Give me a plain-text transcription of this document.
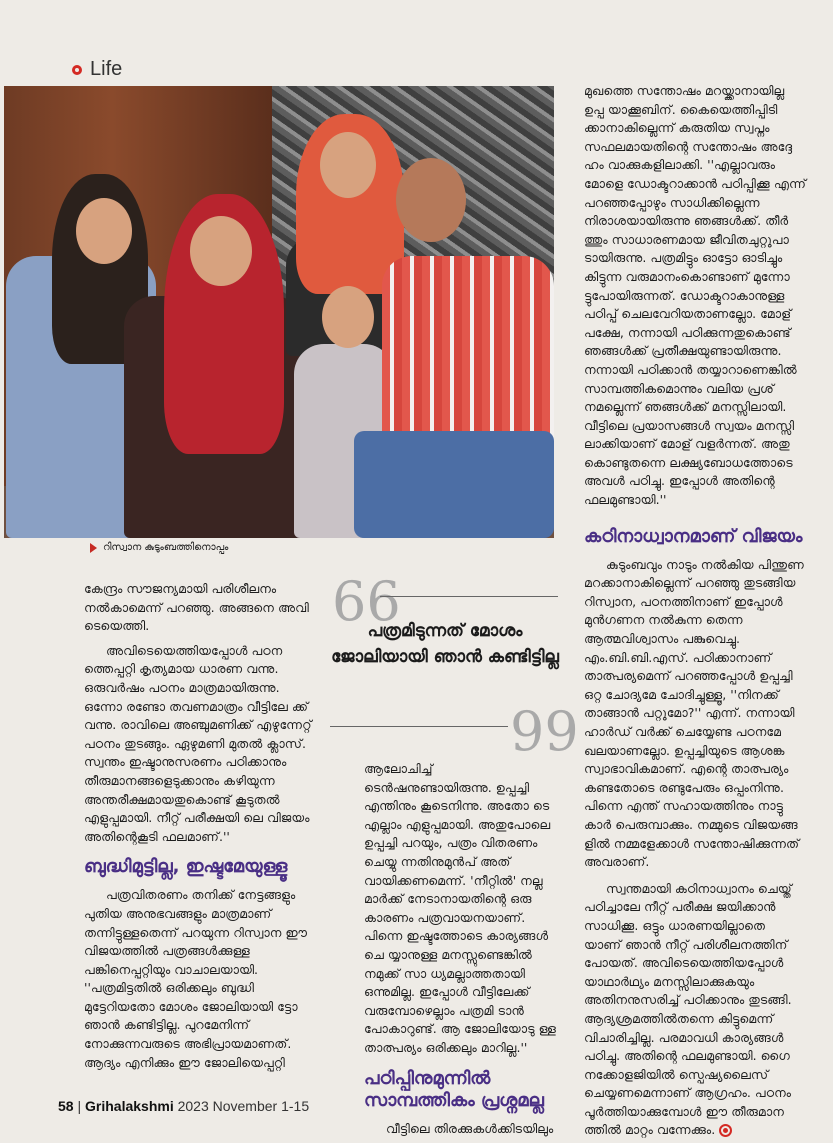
Life
റിസ്വാന കുടുംബത്തിനൊപ്പം

മുഖത്തെ സന്തോഷം മറയ്ക്കാനായില്ല ഉപ്പ യാക്കൂബിന്. കൈയെത്തിപ്പിടി ക്കാനാകില്ലെന്ന് കരുതിയ സ്വപ്നം സഫലമായതിന്റെ സന്തോഷം അദ്ദേ ഹം വാക്കുകളിലാക്കി. ''എല്ലാവരും മോളെ ഡോക്ടറാക്കാൻ പഠിപ്പിക്കൂ എന്ന് പറഞ്ഞപ്പോഴും സാധിക്കില്ലെന്ന നിരാശയായിരുന്നു ഞങ്ങൾക്ക്. തീർ ത്തും സാധാരണമായ ജീവിതചുറ്റുപാ ടായിരുന്നു. പത്രമിട്ടും ഓട്ടോ ഓടിച്ചും കിട്ടുന്ന വരുമാനംകൊണ്ടാണ് മുന്നോ ട്ടുപോയിരുന്നത്. ഡോക്ടറാകാനുള്ള പഠിപ്പ് ചെലവേറിയതാണല്ലോ. മോള് പക്ഷേ, നന്നായി പഠിക്കുന്നതുകൊണ്ട് ഞങ്ങൾക്ക് പ്രതീക്ഷയുണ്ടായിരുന്നു. നന്നായി പഠിക്കാൻ തയ്യാറാണെങ്കിൽ സാമ്പത്തികമൊന്നും വലിയ പ്രശ് നമല്ലെന്ന് ഞങ്ങൾക്ക് മനസ്സിലായി. വീട്ടിലെ പ്രയാസങ്ങൾ സ്വയം മനസ്സി ലാക്കിയാണ് മോള് വളർന്നത്. അതു കൊണ്ടുതന്നെ ലക്ഷ്യബോധത്തോടെ അവൾ പഠിച്ചു. ഇപ്പോൾ അതിന്റെ ഫലമുണ്ടായി.''

കഠിനാധ്വാനമാണ് വിജയം

കുടുംബവും നാടും നൽകിയ പിന്തുണ മറക്കാനാകില്ലെന്ന് പറഞ്ഞു തുടങ്ങിയ റിസ്വാന, പഠനത്തിനാണ് ഇപ്പോൾ മുൻഗണന നൽകുന്ന തെന്ന ആത്മവിശ്വാസം പങ്കുവെച്ചു. എം.ബി.ബി.എസ്. പഠിക്കാനാണ് താത്പര്യമെന്ന് പറഞ്ഞപ്പോൾ ഉപ്പച്ചി ഒറ്റ ചോദ്യമേ ചോദിച്ചുള്ളൂ, ''നിനക്ക് താങ്ങാൻ പറ്റുമോ?'' എന്ന്. നന്നായി ഹാർഡ് വർക്ക് ചെയ്യേണ്ട പഠനമേ ഖലയാണല്ലോ. ഉപ്പച്ചിയുടെ ആശങ്ക സ്വാഭാവികമാണ്. എന്റെ താത്പര്യം കണ്ടതോടെ രണ്ടുപേരും ഒപ്പംനിന്നു. പിന്നെ എന്ത് സഹായത്തിനും നാട്ടു കാർ പെരുമ്പാക്കും. നമ്മുടെ വിജയങ്ങ ളിൽ നമ്മളേക്കാൾ സന്തോഷിക്കുന്നത് അവരാണ്.

സ്വന്തമായി കഠിനാധ്വാനം ചെയ്ത് പഠിച്ചാലേ നീറ്റ് പരീക്ഷ ജയിക്കാൻ സാധിക്കൂ. ഒട്ടും ധാരണയില്ലാതെ യാണ് ഞാൻ നീറ്റ് പരിശീലനത്തിന് പോയത്. അവിടെയെത്തിയപ്പോൾ യാഥാർഥ്യം മനസ്സിലാക്കുകയും അതിനനുസരിച്ച് പഠിക്കാനും തുടങ്ങി. ആദ്യശ്രമത്തിൽതന്നെ കിട്ടുമെന്ന് വിചാരിച്ചില്ല. പരമാവധി കാര്യങ്ങൾ പഠിച്ചു. അതിന്റെ ഫലമുണ്ടായി. ഗൈ നക്കോളജിയിൽ സ്പെഷ്യലൈസ് ചെയ്യണമെന്നാണ് ആഗ്രഹം. പഠനം പൂർത്തിയാക്കുമ്പോൾ ഈ തീരുമാന ത്തിൽ മാറ്റം വന്നേക്കും.

കേന്ദ്രം സൗജന്യമായി പരിശീലനം നൽകാമെന്ന് പറഞ്ഞു. അങ്ങനെ അവി ടെയെത്തി.

അവിടെയെത്തിയപ്പോൾ പഠന ത്തെപ്പറ്റി കൃത്യമായ ധാരണ വന്നു. ഒരുവർഷം പഠനം മാത്രമായിരുന്നു. ഒന്നോ രണ്ടോ തവണമാത്രം വീട്ടിലേ ക്ക് വന്നു. രാവിലെ അഞ്ചുമണിക്ക് എഴുന്നേറ്റ് പഠനം തുടങ്ങും. ഏഴുമണി മുതൽ ക്ലാസ്. സ്വന്തം ഇഷ്ടാനുസരണം പഠിക്കാനും തീരുമാനങ്ങളെടുക്കാനും കഴിയുന്ന അന്തരീക്ഷമായതുകൊണ്ട് കൂടുതൽ എളുപ്പമായി. നീറ്റ് പരീക്ഷയി ലെ വിജയം അതിന്റെകൂടി ഫലമാണ്.''

ബുദ്ധിമുട്ടില്ല, ഇഷ്ടമേയുള്ളൂ

പത്രവിതരണം തനിക്ക് നേട്ടങ്ങളും പുതിയ അനുഭവങ്ങളും മാത്രമാണ് തന്നിട്ടുള്ളതെന്ന് പറയുന്ന റിസ്വാന ഈ വിജയത്തിൽ പത്രങ്ങൾക്കുള്ള പങ്കിനെപ്പറ്റിയും വാചാലയായി. ''പത്രമിട്ടതിൽ ഒരിക്കലും ബുദ്ധി മുട്ടേറിയതോ മോശം ജോലിയായി ട്ടോ ഞാൻ കണ്ടിട്ടില്ല. പുറമേനിന്ന് നോക്കുന്നവരുടെ അഭിപ്രായമാണത്. ആദ്യം എനിക്കും ഈ ജോലിയെപ്പറ്റി

66
പത്രമിടുന്നത് മോശം ജോലിയായി ഞാൻ കണ്ടിട്ടില്ല
99

ആലോചിച്ച് ടെൻഷനുണ്ടായിരുന്നു. ഉപ്പച്ചി എന്തിനും കൂടെനിന്നു. അതോ ടെ എല്ലാം എളുപ്പമായി. അതുപോലെ ഉപ്പച്ചി പറയും, പത്രം വിതരണം ചെയ്യു ന്നതിനുമുൻപ് അത് വായിക്കണമെന്ന്. 'നീറ്റിൽ' നല്ല മാർക്ക് നേടാനായതിന്റെ ഒരു കാരണം പത്രവായനയാണ്. പിന്നെ ഇഷ്ടത്തോടെ കാര്യങ്ങൾ ചെ യ്യാനുള്ള മനസ്സുണ്ടെങ്കിൽ നമുക്ക് സാ ധ്യമല്ലാത്തതായി ഒന്നുമില്ല. ഇപ്പോൾ വീട്ടിലേക്ക് വരുമ്പോഴെല്ലാം പത്രമി ടാൻ പോകാറുണ്ട്. ആ ജോലിയോടു ള്ള താത്പര്യം ഒരിക്കലും മാറില്ല.''

പഠിപ്പിനുമുന്നിൽ സാമ്പത്തികം പ്രശ്നമല്ല

വീട്ടിലെ തിരക്കുകൾക്കിടയിലും

58 | Grihalakshmi 2023 November 1-15
